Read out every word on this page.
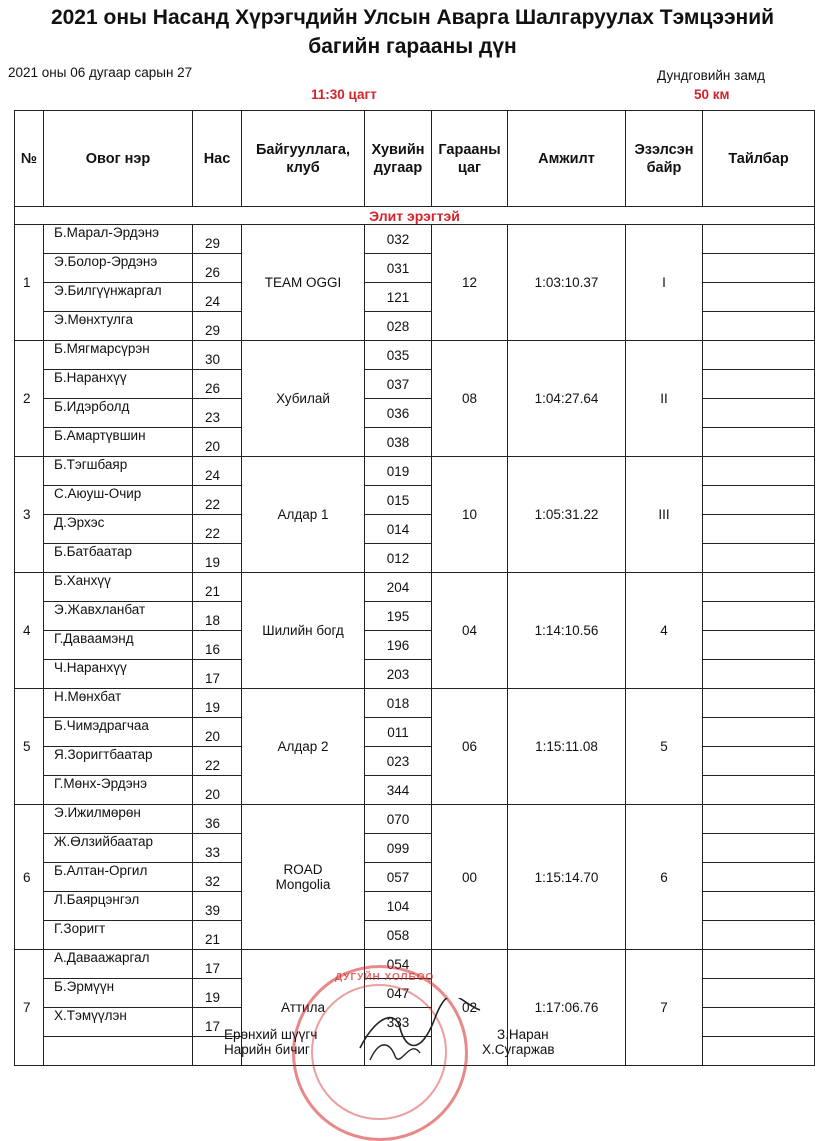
2021 оны Насанд Хүрэгчдийн Улсын Аварга Шалгаруулах Тэмцээний
багийн гарааны дүн
2021 оны 06 дугаар сарын 27	Дундговийн замд
11:30 цагт	50 км
№	Овог нэр	Нас	Байгууллага, клуб	Хувийн дугаар	Гарааны цаг	Амжилт	Эзэлсэн байр	Тайлбар
Элит эрэгтэй								
1	Б.Марал-Эрдэнэ	29	TEAM OGGI	032	12	1:03:10.37	I	
	Э.Болор-Эрдэнэ	26		031				
	Э.Билгүүнжаргал	24		121				
	Э.Мөнхтулга	29		028				
2	Б.Мягмарсүрэн	30	Хубилай	035	08	1:04:27.64	II	
	Б.Наранхүү	26		037				
	Б.Идэрболд	23		036				
	Б.Амартүвшин	20		038				
3	Б.Тэгшбаяр	24	Алдар 1	019	10	1:05:31.22	III	
	С.Аюуш-Очир	22		015				
	Д.Эрхэс	22		014				
	Б.Батбаатар	19		012				
4	Б.Ханхүү	21	Шилийн богд	204	04	1:14:10.56	4	
	Э.Жавхланбат	18		195				
	Г.Даваамэнд	16		196				
	Ч.Наранхүү	17		203				
5	Н.Мөнхбат	19	Алдар 2	018	06	1:15:11.08	5	
	Б.Чимэдрагчаа	20		011				
	Я.Зоригтбаатар	22		023				
	Г.Мөнх-Эрдэнэ	20		344				
6	Э.Ижилмөрөн	36	ROAD
Mongolia	070	00	1:15:14.70	6	
	Ж.Өлзийбаатар	33		099				
	Б.Алтан-Оргил	32		057				
	Л.Баярцэнгэл	39		104				
	Г.Зоригт	21		058				
7	А.Даваажаргал	17	Аттила	054	02	1:17:06.76	7	
	Б.Эрмүүн	19		047				
	Х.Тэмүүлэн	17		333				

ДУГУЙН ХОЛБОО
Ерөнхий шүүгч
Нарийн бичиг
З.Наран
Х.Сугаржав
